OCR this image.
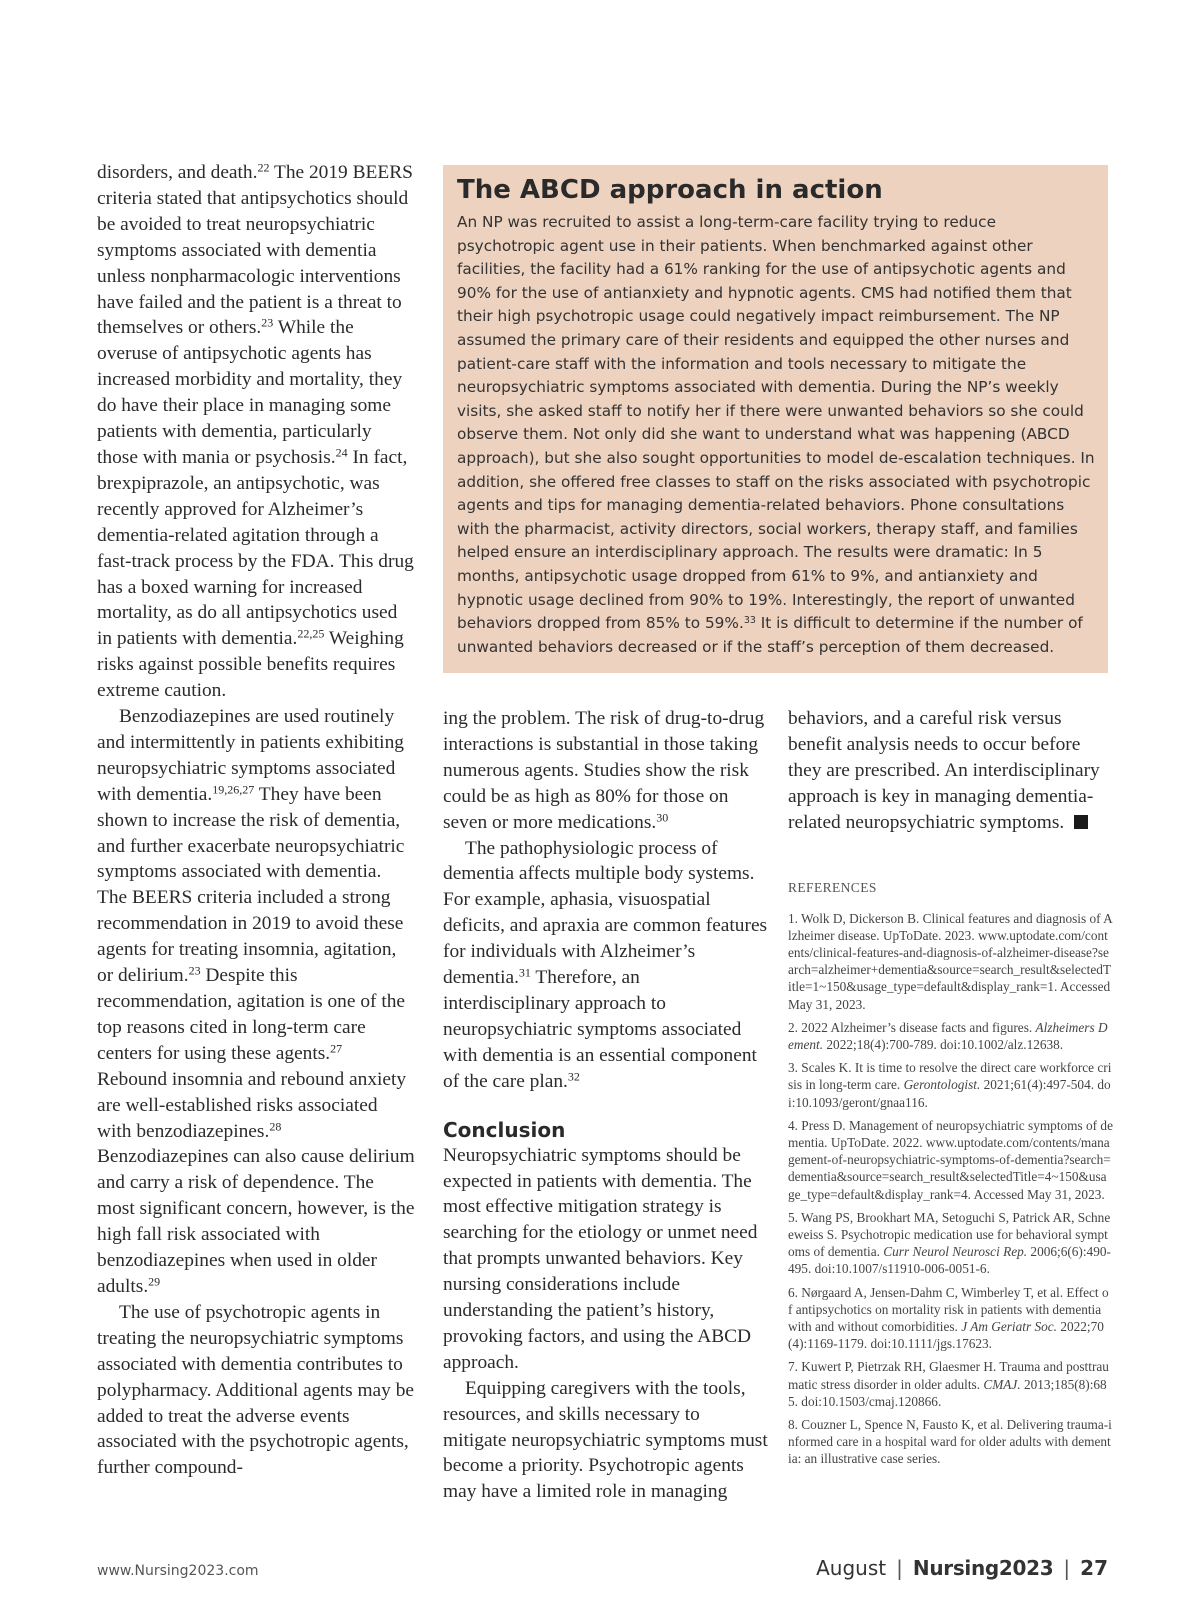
disorders, and death.$^{22}$ The 2019 BEERS criteria stated that antipsychotics should be avoided to treat neuropsychiatric symptoms associated with dementia unless nonpharmacologic interventions have failed and the patient is a threat to themselves or others.$^{23}$ While the overuse of antipsychotic agents has increased morbidity and mortality, they do have their place in managing some patients with dementia, particularly those with mania or psychosis.$^{24}$ In fact, brexpiprazole, an antipsychotic, was recently approved for Alzheimer’s dementia-related agitation through a fast-track process by the FDA. This drug has a boxed warning for increased mortality, as do all antipsychotics used in patients with dementia.$^{22,25}$ Weighing risks against possible benefits requires extreme caution.

Benzodiazepines are used routinely and intermittently in patients exhibiting neuropsychiatric symptoms associated with dementia.$^{19,26,27}$ They have been shown to increase the risk of dementia, and further exacerbate neuropsychiatric symptoms associated with dementia. The BEERS criteria included a strong recommendation in 2019 to avoid these agents for treating insomnia, agitation, or delirium.$^{23}$ Despite this recommendation, agitation is one of the top reasons cited in long-term care centers for using these agents.$^{27}$ Rebound insomnia and rebound anxiety are well-established risks associated with benzodiazepines.$^{28}$ Benzodiazepines can also cause delirium and carry a risk of dependence. The most significant concern, however, is the high fall risk associated with benzodiazepines when used in older adults.$^{29}$

The use of psychotropic agents in treating the neuropsychiatric symptoms associated with dementia contributes to polypharmacy. Additional agents may be added to treat the adverse events associated with the psychotropic agents, further compound-

The ABCD approach in action

An NP was recruited to assist a long-term-care facility trying to reduce psychotropic agent use in their patients. When benchmarked against other facilities, the facility had a 61% ranking for the use of antipsychotic agents and 90% for the use of antianxiety and hypnotic agents. CMS had notified them that their high psychotropic usage could negatively impact reimbursement. The NP assumed the primary care of their residents and equipped the other nurses and patient-care staff with the information and tools necessary to mitigate the neuropsychiatric symptoms associated with dementia. During the NP’s weekly visits, she asked staff to notify her if there were unwanted behaviors so she could observe them. Not only did she want to understand what was happening (ABCD approach), but she also sought opportunities to model de-escalation techniques. In addition, she offered free classes to staff on the risks associated with psychotropic agents and tips for managing dementia-related behaviors. Phone consultations with the pharmacist, activity directors, social workers, therapy staff, and families helped ensure an interdisciplinary approach. The results were dramatic: In 5 months, antipsychotic usage dropped from 61% to 9%, and antianxiety and hypnotic usage declined from 90% to 19%. Interestingly, the report of unwanted behaviors dropped from 85% to 59%.$^{33}$ It is difficult to determine if the number of unwanted behaviors decreased or if the staff’s perception of them decreased.

ing the problem. The risk of drug-to-drug interactions is substantial in those taking numerous agents. Studies show the risk could be as high as 80% for those on seven or more medications.$^{30}$

The pathophysiologic process of dementia affects multiple body systems. For example, aphasia, visuospatial deficits, and apraxia are common features for individuals with Alzheimer’s dementia.$^{31}$ Therefore, an interdisciplinary approach to neuropsychiatric symptoms associated with dementia is an essential component of the care plan.$^{32}$

Conclusion

Neuropsychiatric symptoms should be expected in patients with dementia. The most effective mitigation strategy is searching for the etiology or unmet need that prompts unwanted behaviors. Key nursing considerations include understanding the patient’s history, provoking factors, and using the ABCD approach.

Equipping caregivers with the tools, resources, and skills necessary to mitigate neuropsychiatric symptoms must become a priority. Psychotropic agents may have a limited role in managing

behaviors, and a careful risk versus benefit analysis needs to occur before they are prescribed. An interdisciplinary approach is key in managing dementia-related neuropsychiatric symptoms.

REFERENCES

1. Wolk D, Dickerson B. Clinical features and diagnosis of Alzheimer disease. UpToDate. 2023. www.uptodate.com/contents/clinical-features-and-diagnosis-of-alzheimer-disease?search=alzheimer+dementia&source=search_result&selectedTitle=1~150&usage_type=default&display_rank=1. Accessed May 31, 2023.

2. 2022 Alzheimer’s disease facts and figures. Alzheimers Dement. 2022;18(4):700-789. doi:10.1002/alz.12638.

3. Scales K. It is time to resolve the direct care workforce crisis in long-term care. Gerontologist. 2021;61(4):497-504. doi:10.1093/geront/gnaa116.

4. Press D. Management of neuropsychiatric symptoms of dementia. UpToDate. 2022. www.uptodate.com/contents/management-of-neuropsychiatric-symptoms-of-dementia?search=dementia&source=search_result&selectedTitle=4~150&usage_type=default&display_rank=4. Accessed May 31, 2023.

5. Wang PS, Brookhart MA, Setoguchi S, Patrick AR, Schneeweiss S. Psychotropic medication use for behavioral symptoms of dementia. Curr Neurol Neurosci Rep. 2006;6(6):490-495. doi:10.1007/s11910-006-0051-6.

6. Nørgaard A, Jensen-Dahm C, Wimberley T, et al. Effect of antipsychotics on mortality risk in patients with dementia with and without comorbidities. J Am Geriatr Soc. 2022;70(4):1169-1179. doi:10.1111/jgs.17623.

7. Kuwert P, Pietrzak RH, Glaesmer H. Trauma and posttraumatic stress disorder in older adults. CMAJ. 2013;185(8):685. doi:10.1503/cmaj.120866.

8. Couzner L, Spence N, Fausto K, et al. Delivering trauma-informed care in a hospital ward for older adults with dementia: an illustrative case series.

www.Nursing2023.com	August | Nursing2023 | 27
